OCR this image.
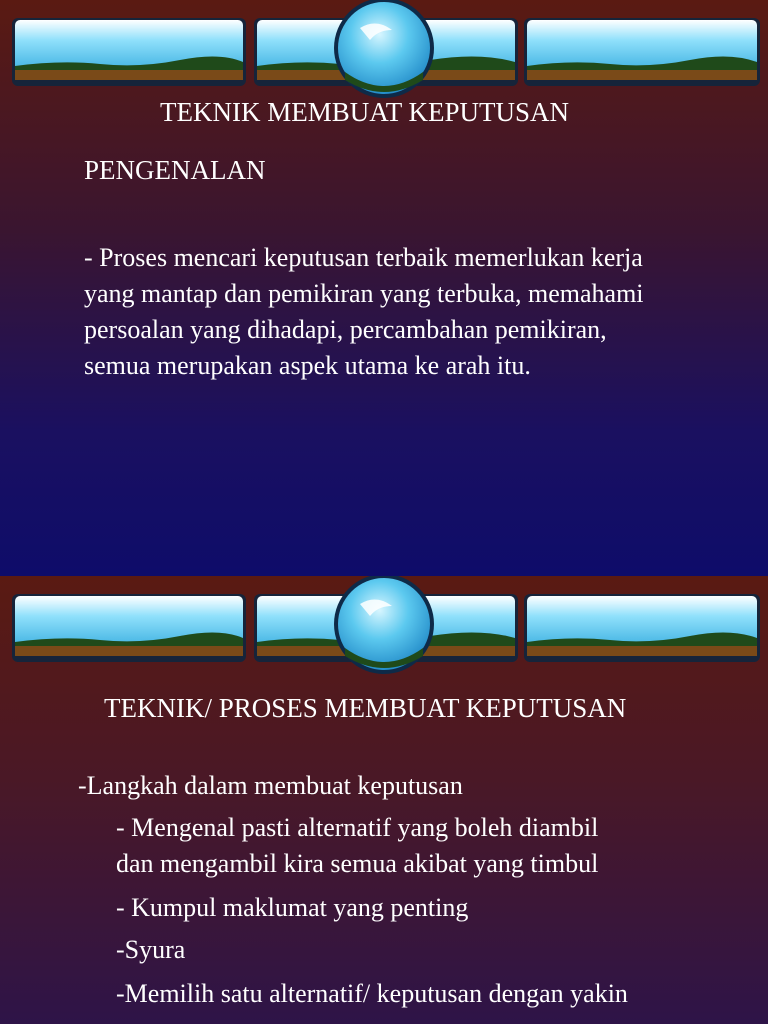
TEKNIK MEMBUAT KEPUTUSAN
PENGENALAN
- Proses mencari keputusan terbaik memerlukan kerja yang mantap dan pemikiran yang terbuka, memahami persoalan yang dihadapi, percambahan pemikiran, semua merupakan aspek utama ke arah itu.
TEKNIK/ PROSES MEMBUAT KEPUTUSAN
-Langkah dalam membuat keputusan
- Mengenal pasti alternatif yang boleh diambil
dan mengambil kira semua akibat yang timbul
- Kumpul maklumat yang penting
-Syura
-Memilih satu alternatif/ keputusan dengan yakin
